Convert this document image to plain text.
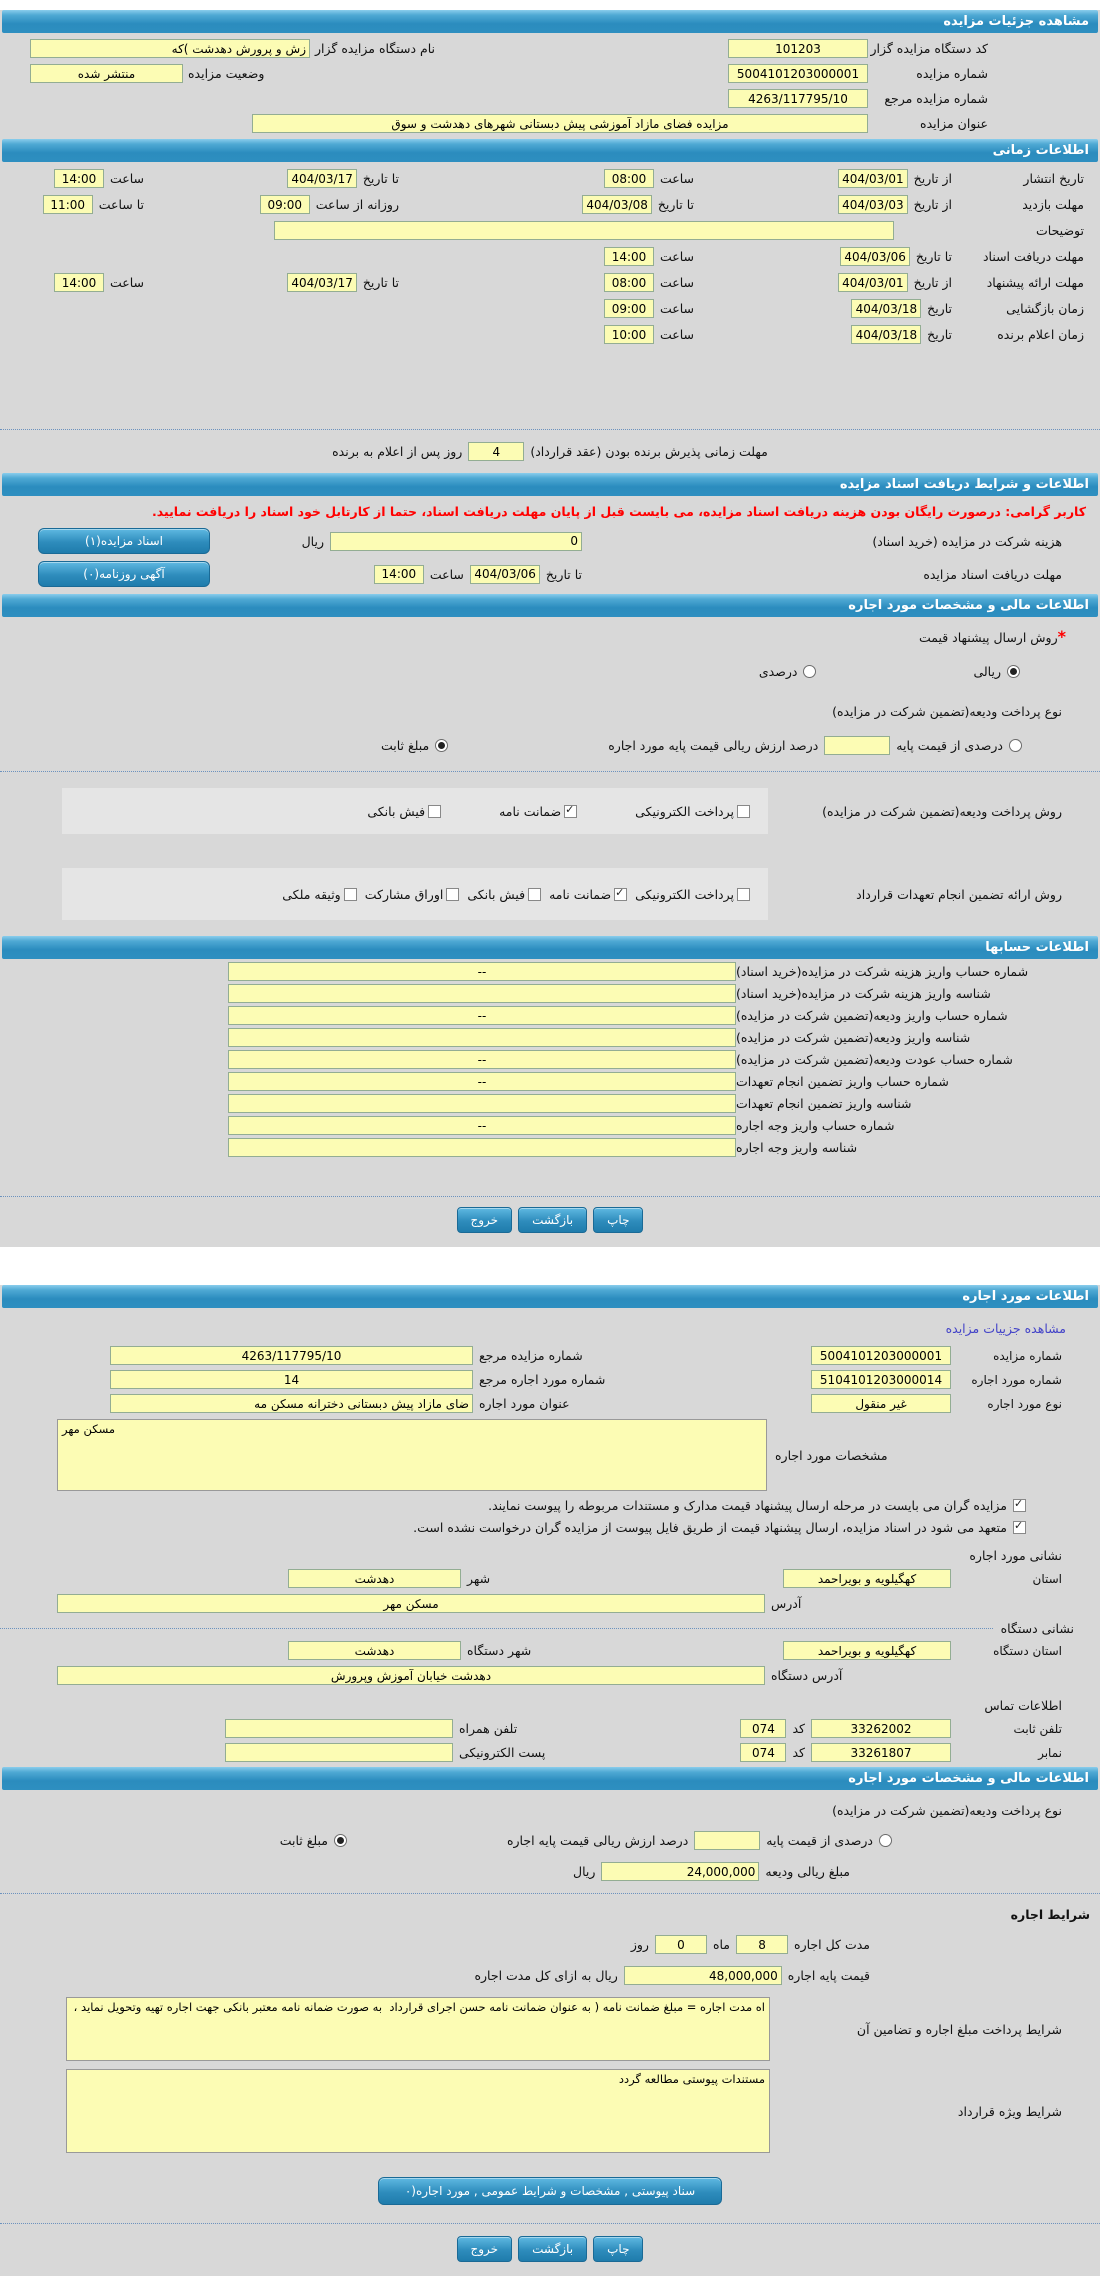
مشاهده جزئیات مزایده
کد دستگاه مزایده گزار
101203
زش و پرورش دهدشت )که
نام دستگاه مزایده گزار
شماره مزایده
5004101203000001
منتشر شده
وضعیت مزایده
شماره مزایده مرجع
4263/117795/10
عنوان مزایده
مزایده فضای مازاد آموزشی پیش دبستانی شهرهای دهدشت و سوق
اطلاعات زمانی
تاریخ انتشار
از تاریخ
1404/03/01
ساعت
08:00
تا تاریخ
1404/03/17
ساعت
14:00
مهلت بازدید
از تاریخ
1404/03/03
تا تاریخ
1404/03/08
روزانه از ساعت
09:00
تا ساعت
11:00
توضیحات
مهلت دریافت اسناد
تا تاریخ
1404/03/06
ساعت
14:00
مهلت ارائه پیشنهاد
از تاریخ
1404/03/01
ساعت
08:00
تا تاریخ
1404/03/17
ساعت
14:00
زمان بازگشایی
تاریخ
1404/03/18
ساعت
09:00
زمان اعلام برنده
تاریخ
1404/03/18
ساعت
10:00
مهلت زمانی پذیرش برنده بودن (عقد قرارداد)
4
روز پس از اعلام به برنده
اطلاعات و شرایط دریافت اسناد مزایده
کاربر گرامی: درصورت رایگان بودن هزینه دریافت اسناد مزایده، می بایست قبل از پایان مهلت دریافت اسناد، حتما از کارتابل خود اسناد را دریافت نمایید.
هزینه شرکت در مزایده (خرید اسناد)
0
ریال
اسناد مزایده(۱)
مهلت دریافت اسناد مزایده
تا تاریخ
1404/03/06
ساعت
14:00
آگهی روزنامه(۰)
اطلاعات مالی و مشخصات مورد اجاره
*روش ارسال پیشنهاد قیمت
ریالی
درصدی
نوع پرداخت ودیعه(تضمین شرکت در مزایده)
درصدی از قیمت پایه
درصد ارزش ریالی قیمت پایه مورد اجاره
مبلغ ثابت
روش پرداخت ودیعه(تضمین شرکت در مزایده)
پرداخت الکترونیکی
✓
ضمانت نامه
فیش بانکی
روش ارائه تضمین انجام تعهدات قرارداد
پرداخت الکترونیکی
✓
ضمانت نامه
فیش بانکی
اوراق مشارکت
وثیقه ملکی
اطلاعات حسابها
شماره حساب واریز هزینه شرکت در مزایده(خرید اسناد)
--
شناسه واریز هزینه شرکت در مزایده(خرید اسناد)
شماره حساب واریز ودیعه(تضمین شرکت در مزایده)
--
شناسه واریز ودیعه(تضمین شرکت در مزایده)
شماره حساب عودت ودیعه(تضمین شرکت در مزایده)
--
شماره حساب واریز تضمین انجام تعهدات
--
شناسه واریز تضمین انجام تعهدات
شماره حساب واریز وجه اجاره
--
شناسه واریز وجه اجاره
چاپ
بازگشت
خروج
اطلاعات مورد اجاره
مشاهده جزییات مزایده
شماره مزایده
5004101203000001
4263/117795/10
شماره مزایده مرجع
شماره مورد اجاره
5104101203000014
14
شماره مورد اجاره مرجع
نوع مورد اجاره
غیر منقول
ضای مازاد پیش دبستانی دخترانه مسکن مه
عنوان مورد اجاره
مسکن مهر
مشخصات مورد اجاره
✓
مزایده گران می بایست در مرحله ارسال پیشنهاد قیمت مدارک و مستندات مربوطه را پیوست نمایند.
✓
متعهد می شود در اسناد مزایده، ارسال پیشنهاد قیمت از طریق فایل پیوست از مزایده گران درخواست نشده است.
نشانی مورد اجاره
استان
کهگیلویه و بویراحمد
دهدشت
شهر
مسکن مهر
آدرس
نشانی دستگاه
استان دستگاه
کهگیلویه و بویراحمد
دهدشت
شهر دستگاه
دهدشت خیابان آموزش وپرورش
آدرس دستگاه
اطلاعات تماس
تلفن ثابت
33262002
کد
074
تلفن همراه
نمابر
33261807
کد
074
پست الکترونیکی
اطلاعات مالی و مشخصات مورد اجاره
نوع پرداخت ودیعه(تضمین شرکت در مزایده)
درصدی از قیمت پایه
درصد ارزش ریالی قیمت پایه اجاره
مبلغ ثابت
مبلغ ریالی ودیعه
24,000,000
ریال
شرایط اجاره
مدت کل اجاره
8
ماه
0
روز
قیمت پایه اجاره
48,000,000
ریال به ازای کل مدت اجاره
شرایط پرداخت مبلغ اجاره و تضامین آن
اه مدت اجاره = مبلغ ضمانت نامه ( به عنوان ضمانت نامه حسن اجرای قرارداد به صورت ضمانه نامه معتبر بانکی جهت اجاره تهیه وتحویل نماید ،
شرایط ویژه قرارداد
مستندات پیوستی مطالعه گردد
سناد پیوستی , مشخصات و شرایط عمومی , مورد اجاره(۰
چاپ
بازگشت
خروج
